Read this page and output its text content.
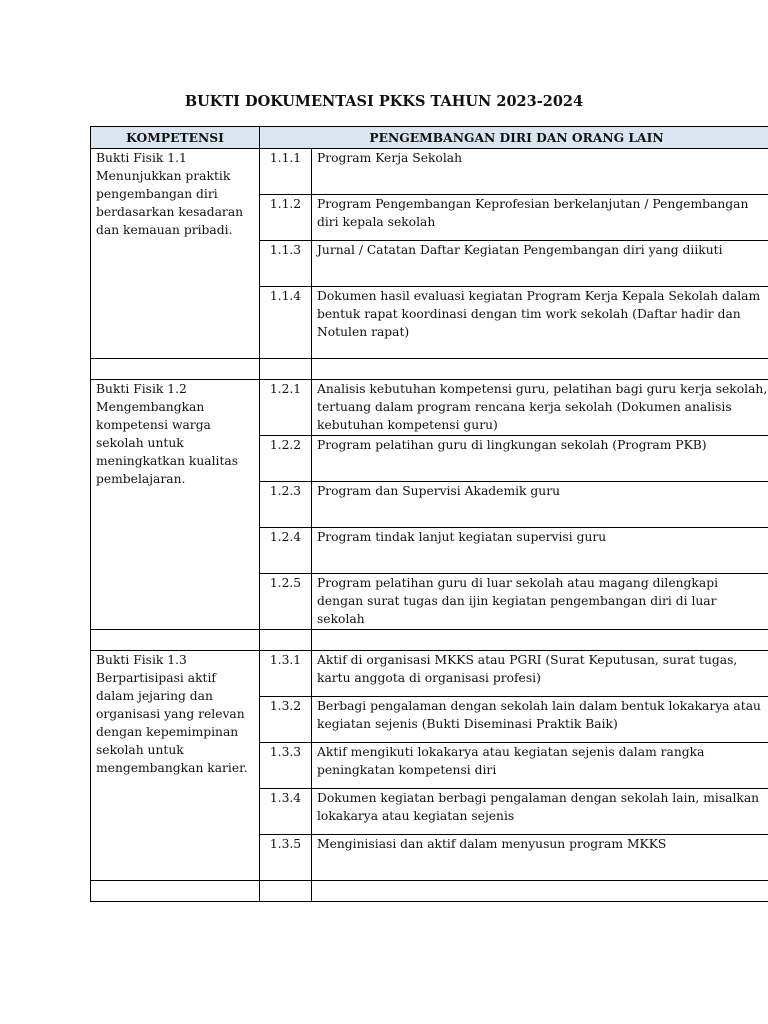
BUKTI DOKUMENTASI PKKS TAHUN 2023-2024
KOMPETENSI	PENGEMBANGAN DIRI DAN ORANG LAIN	

Bukti Fisik 1.1
Menunjukkan praktik pengembangan diri berdasarkan kesadaran dan kemauan pribadi.	1.1.1	Program Kerja Sekolah
	1.1.2	Program Pengembangan Keprofesian berkelanjutan / Pengembangan diri kepala sekolah
	1.1.3	Jurnal / Catatan Daftar Kegiatan Pengembangan diri yang diikuti
	1.1.4	Dokumen hasil evaluasi kegiatan Program Kerja Kepala Sekolah dalam bentuk rapat koordinasi dengan tim work sekolah (Daftar hadir dan Notulen rapat)

Bukti Fisik 1.2
Mengembangkan kompetensi warga sekolah untuk meningkatkan kualitas pembelajaran.	1.2.1	Analisis kebutuhan kompetensi guru, pelatihan bagi guru kerja sekolah, tertuang dalam program rencana kerja sekolah (Dokumen analisis kebutuhan kompetensi guru)
	1.2.2	Program pelatihan guru di lingkungan sekolah (Program PKB)
	1.2.3	Program dan Supervisi Akademik guru
	1.2.4	Program tindak lanjut kegiatan supervisi guru
	1.2.5	Program pelatihan guru di luar sekolah atau magang dilengkapi dengan surat tugas dan ijin kegiatan pengembangan diri di luar sekolah

Bukti Fisik 1.3
Berpartisipasi aktif dalam jejaring dan organisasi yang relevan dengan kepemimpinan sekolah untuk mengembangkan karier.	1.3.1	Aktif di organisasi MKKS atau PGRI (Surat Keputusan, surat tugas, kartu anggota di organisasi profesi)
	1.3.2	Berbagi pengalaman dengan sekolah lain dalam bentuk lokakarya atau kegiatan sejenis (Bukti Diseminasi Praktik Baik)
	1.3.3	Aktif mengikuti lokakarya atau kegiatan sejenis dalam rangka peningkatan kompetensi diri
	1.3.4	Dokumen kegiatan berbagi pengalaman dengan sekolah lain, misalkan lokakarya atau kegiatan sejenis
	1.3.5	Menginisiasi dan aktif dalam menyusun program MKKS
